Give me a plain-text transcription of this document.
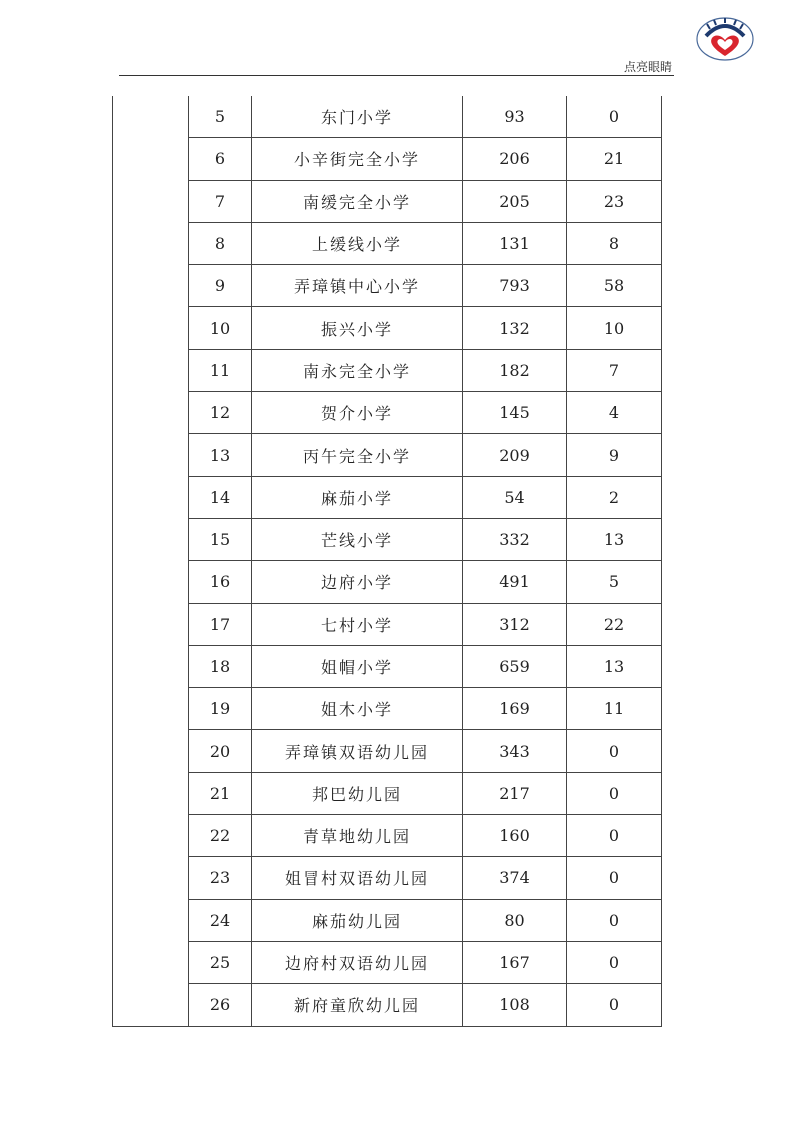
点亮眼睛
	5	东门小学	93	0
	6	小辛街完全小学	206	21
	7	南缓完全小学	205	23
	8	上缓线小学	131	8
	9	弄璋镇中心小学	793	58
	10	振兴小学	132	10
	11	南永完全小学	182	7
	12	贺介小学	145	4
	13	丙午完全小学	209	9
	14	麻茄小学	54	2
	15	芒线小学	332	13
	16	边府小学	491	5
	17	七村小学	312	22
	18	姐帽小学	659	13
	19	姐木小学	169	11
	20	弄璋镇双语幼儿园	343	0
	21	邦巴幼儿园	217	0
	22	青草地幼儿园	160	0
	23	姐冒村双语幼儿园	374	0
	24	麻茄幼儿园	80	0
	25	边府村双语幼儿园	167	0
	26	新府童欣幼儿园	108	0
